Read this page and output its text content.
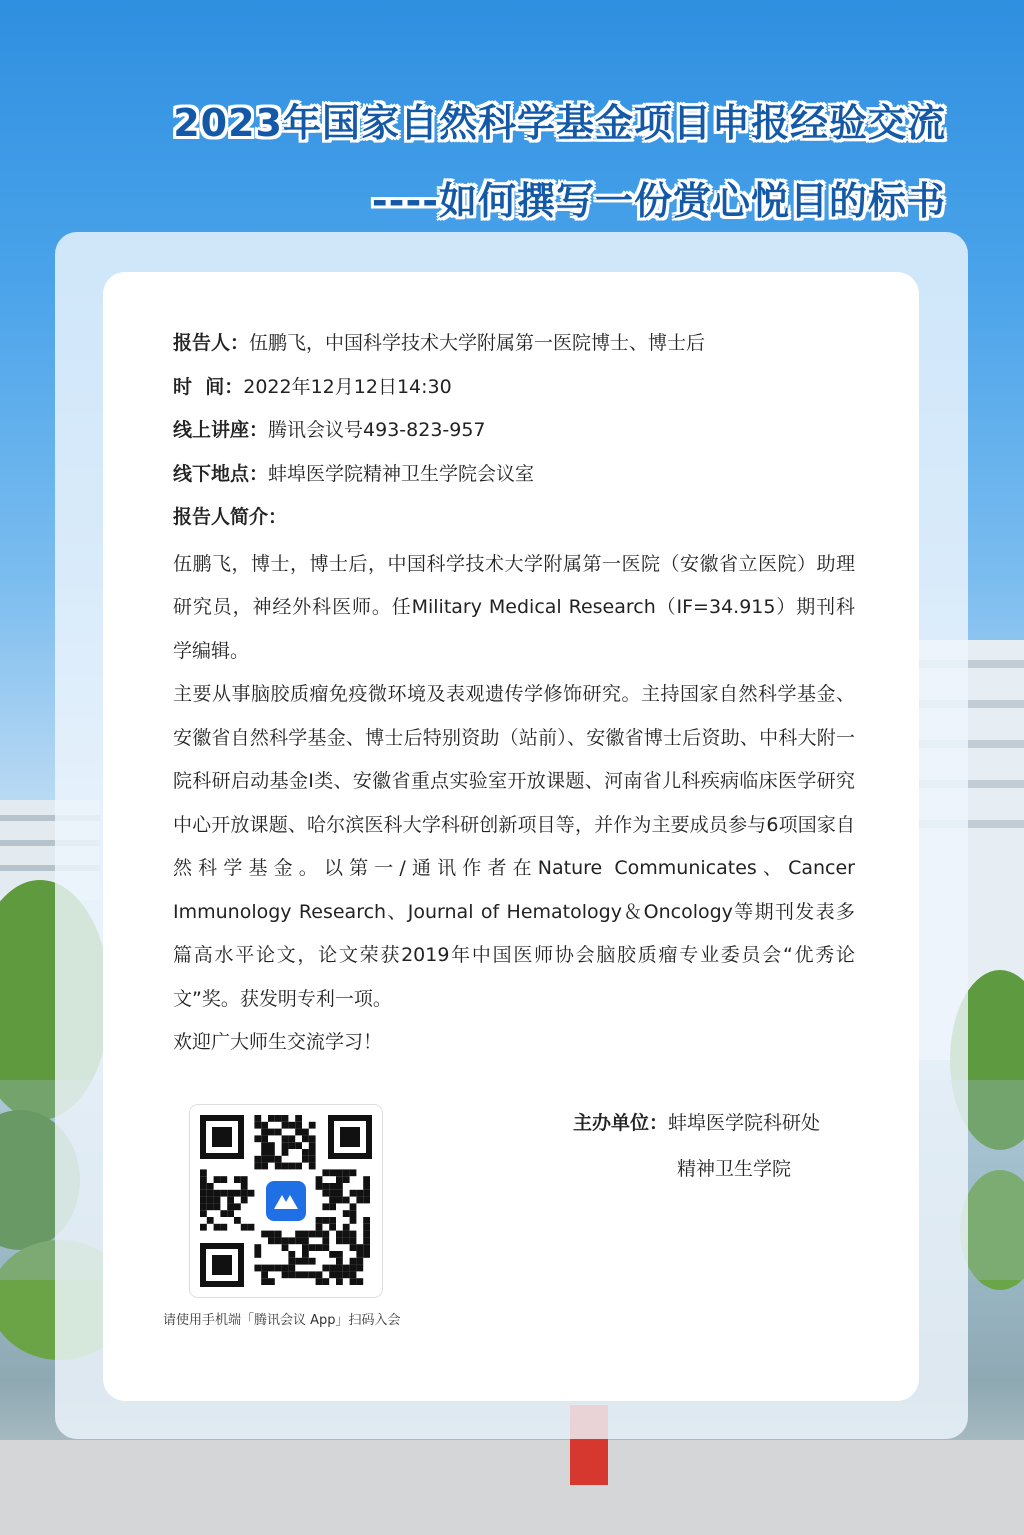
2023年国家自然科学基金项目申报经验交流
----如何撰写一份赏心悦目的标书
报告人：伍鹏飞，中国科学技术大学附属第一医院博士、博士后
时  间：2022年12月12日14:30
线上讲座：腾讯会议号493-823-957
线下地点：蚌埠医学院精神卫生学院会议室
报告人简介：
伍鹏飞，博士，博士后，中国科学技术大学附属第一医院（安徽省立医院）助理研究员，神经外科医师。任Military Medical Research（IF=34.915）期刊科学编辑。
主要从事脑胶质瘤免疫微环境及表观遗传学修饰研究。主持国家自然科学基金、安徽省自然科学基金、博士后特别资助（站前）、安徽省博士后资助、中科大附一院科研启动基金Ⅰ类、安徽省重点实验室开放课题、河南省儿科疾病临床医学研究中心开放课题、哈尔滨医科大学科研创新项目等，并作为主要成员参与6项国家自然科学基金。以第一/通讯作者在Nature Communicates、Cancer Immunology Research、Journal of Hematology＆Oncology等期刊发表多篇高水平论文，论文荣获2019年中国医师协会脑胶质瘤专业委员会“优秀论文”奖。获发明专利一项。
欢迎广大师生交流学习！
请使用手机端「腾讯会议 App」扫码入会
主办单位：蚌埠医学院科研处
精神卫生学院
